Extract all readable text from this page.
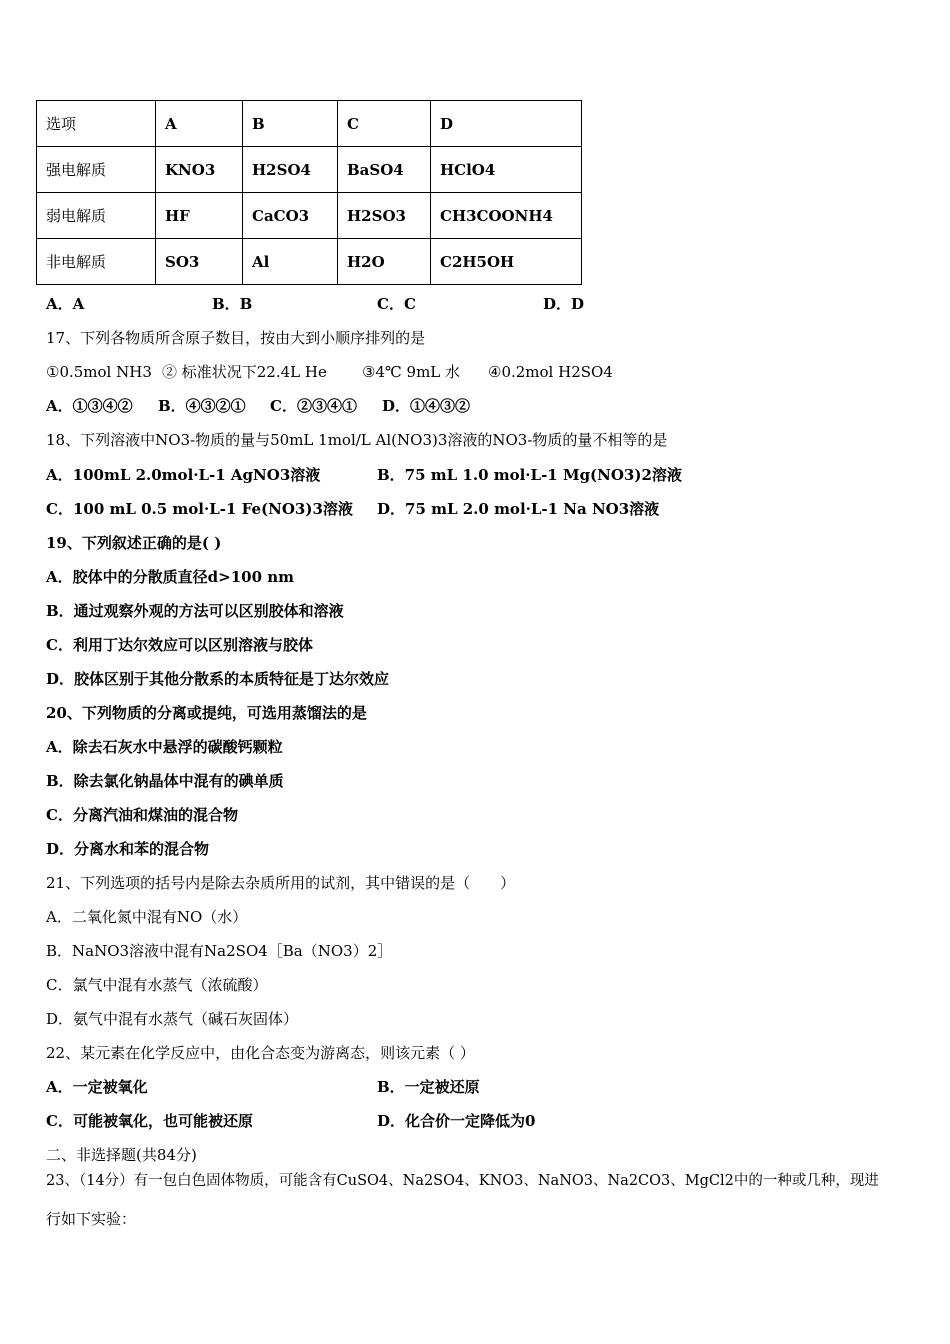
选项	A	B	C	D
强电解质	KNO3	H2SO4	BaSO4	HClO4
弱电解质	HF	CaCO3	H2SO3	CH3COONH4
非电解质	SO3	Al	H2O	C2H5OH
A．A	B．B	C．C	D．D
17、下列各物质所含原子数目，按由大到小顺序排列的是
①0.5mol NH3 ② 标准状况下22.4L He ③4℃ 9mL 水 ④0.2mol H2SO4
A．①③④② B．④③②① C．②③④① D．①④③②
18、下列溶液中NO3-物质的量与50mL 1mol/L Al(NO3)3溶液的NO3-物质的量不相等的是
A．100mL 2.0mol·L-1 AgNO3溶液	B．75 mL 1.0 mol·L-1 Mg(NO3)2溶液
C．100 mL 0.5 mol·L-1 Fe(NO3)3溶液 D．75 mL 2.0 mol·L-1 Na NO3溶液
19、下列叙述正确的是( )
A．胶体中的分散质直径d>100 nm
B．通过观察外观的方法可以区别胶体和溶液
C．利用丁达尔效应可以区别溶液与胶体
D．胶体区别于其他分散系的本质特征是丁达尔效应
20、下列物质的分离或提纯，可选用蒸馏法的是
A．除去石灰水中悬浮的碳酸钙颗粒
B．除去氯化钠晶体中混有的碘单质
C．分离汽油和煤油的混合物
D．分离水和苯的混合物
21、下列选项的括号内是除去杂质所用的试剂，其中错误的是（　　）
A．二氧化氮中混有NO（水）
B．NaNO3溶液中混有Na2SO4［Ba（NO3）2］
C．氯气中混有水蒸气（浓硫酸）
D．氨气中混有水蒸气（碱石灰固体）
22、某元素在化学反应中，由化合态变为游离态，则该元素（ ）
A．一定被氧化	B．一定被还原
C．可能被氧化，也可能被还原	D．化合价一定降低为0
二、非选择题(共84分)
23、（14分）有一包白色固体物质，可能含有CuSO4、Na2SO4、KNO3、NaNO3、Na2CO3、MgCl2中的一种或几种，现进
行如下实验：
